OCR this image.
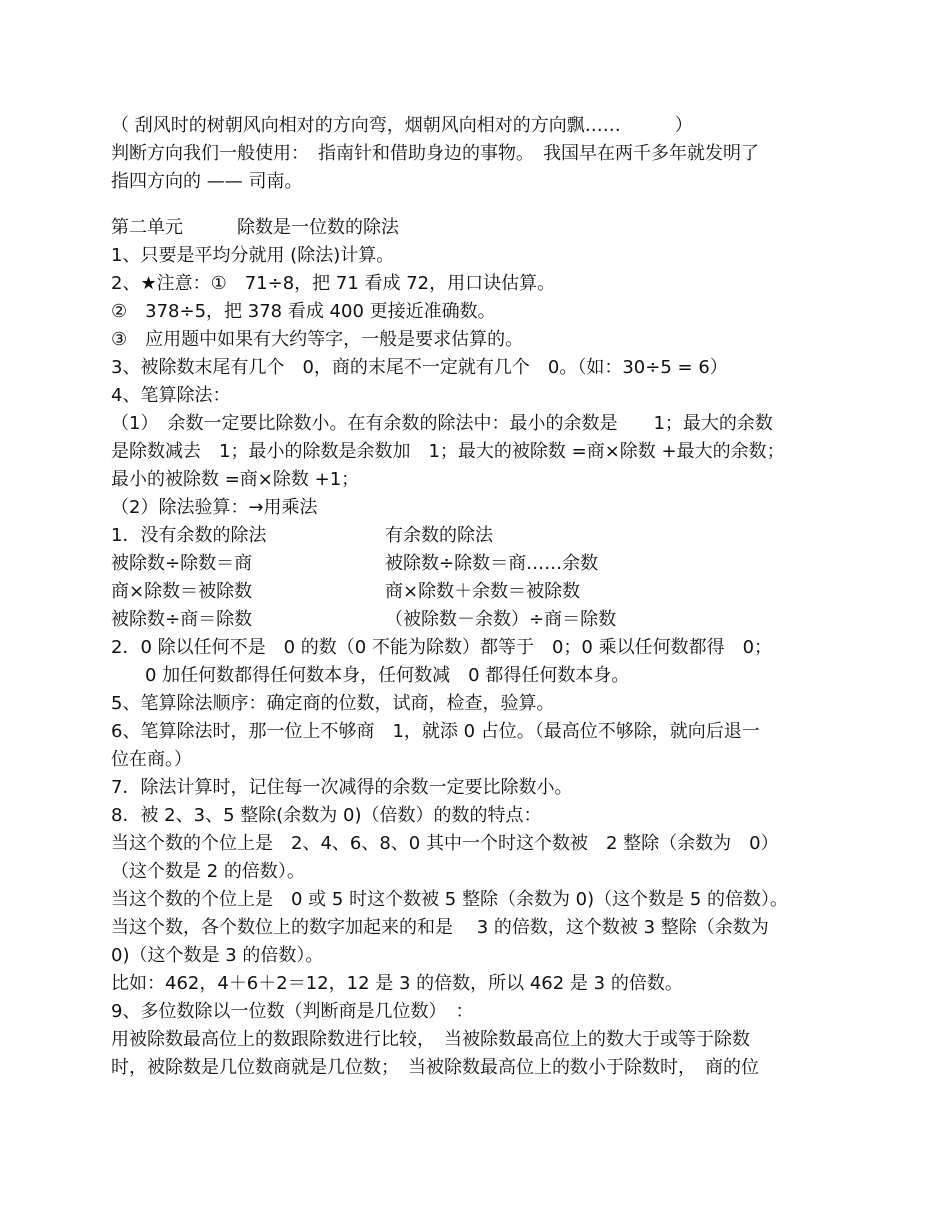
（ 刮风时的树朝风向相对的方向弯，烟朝风向相对的方向飘……　　　）
判断方向我们一般使用：　指南针和借助身边的事物。　我国早在两千多年就发明了
指四方向的 —— 司南。
第二单元　　　除数是一位数的除法
1、只要是平均分就用 (除法)计算。
2、★注意：①　71÷8，把 71 看成 72，用口诀估算。
②　378÷5，把 378 看成 400 更接近准确数。
③　应用题中如果有大约等字，一般是要求估算的。
3、被除数末尾有几个　0，商的末尾不一定就有几个　0。（如：30÷5 = 6）
4、笔算除法：
（1）　余数一定要比除数小。在有余数的除法中：最小的余数是　　1；最大的余数
是除数减去　1；最小的除数是余数加　1；最大的被除数 =商×除数 +最大的余数；
最小的被除数 =商×除数 +1；
（2）除法验算：→用乘法
1．没有余数的除法	有余数的除法
被除数÷除数＝商	被除数÷除数＝商……余数
商×除数＝被除数	商×除数＋余数＝被除数
被除数÷商＝除数	（被除数－余数）÷商＝除数
2．0 除以任何不是　0 的数（0 不能为除数）都等于　0；0 乘以任何数都得　0；
0 加任何数都得任何数本身，任何数减　0 都得任何数本身。
5、笔算除法顺序：确定商的位数，试商，检查，验算。
6、笔算除法时，那一位上不够商　1，就添 0 占位。（最高位不够除，就向后退一
位在商。）
7．除法计算时，记住每一次减得的余数一定要比除数小。
8．被 2、3、5 整除(余数为 0)（倍数）的数的特点：
当这个数的个位上是　2、4、6、8、0 其中一个时这个数被　2 整除（余数为　0）
（这个数是 2 的倍数）。
当这个数的个位上是　0 或 5 时这个数被 5 整除（余数为 0)（这个数是 5 的倍数）。
当这个数，各个数位上的数字加起来的和是　 3 的倍数，这个数被 3 整除（余数为
0)（这个数是 3 的倍数）。
比如：462，4＋6＋2＝12，12 是 3 的倍数，所以 462 是 3 的倍数。
9、多位数除以一位数（判断商是几位数）　：
用被除数最高位上的数跟除数进行比较，　当被除数最高位上的数大于或等于除数
时，被除数是几位数商就是几位数；　当被除数最高位上的数小于除数时，　商的位
